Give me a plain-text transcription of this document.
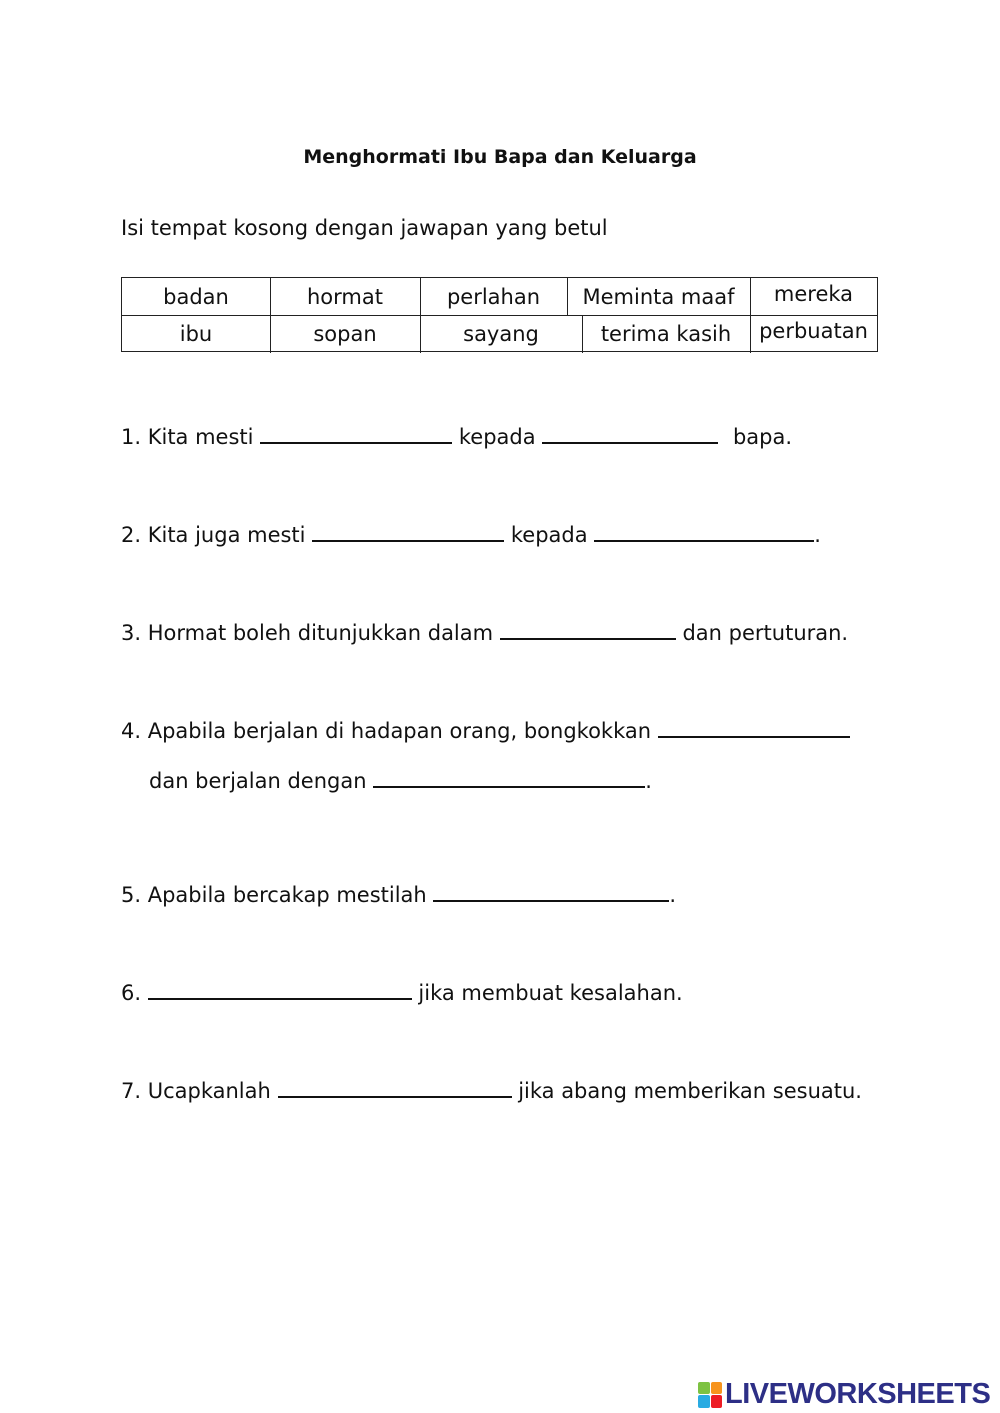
Menghormati Ibu Bapa dan Keluarga
Isi tempat kosong dengan jawapan yang betul
badan	hormat	perlahan	Meminta maaf	mereka
ibu	sopan	sayang	terima kasih	perbuatan
1. Kita mesti	kepada	bapa.
2. Kita juga mesti	kepada	.
3. Hormat boleh ditunjukkan dalam	dan pertuturan.
4. Apabila berjalan di hadapan orang, bongkokkan
dan berjalan dengan	.
5. Apabila bercakap mestilah	.
6.	jika membuat kesalahan.
7. Ucapkanlah	jika abang memberikan sesuatu.
LIVEWORKSHEETS
